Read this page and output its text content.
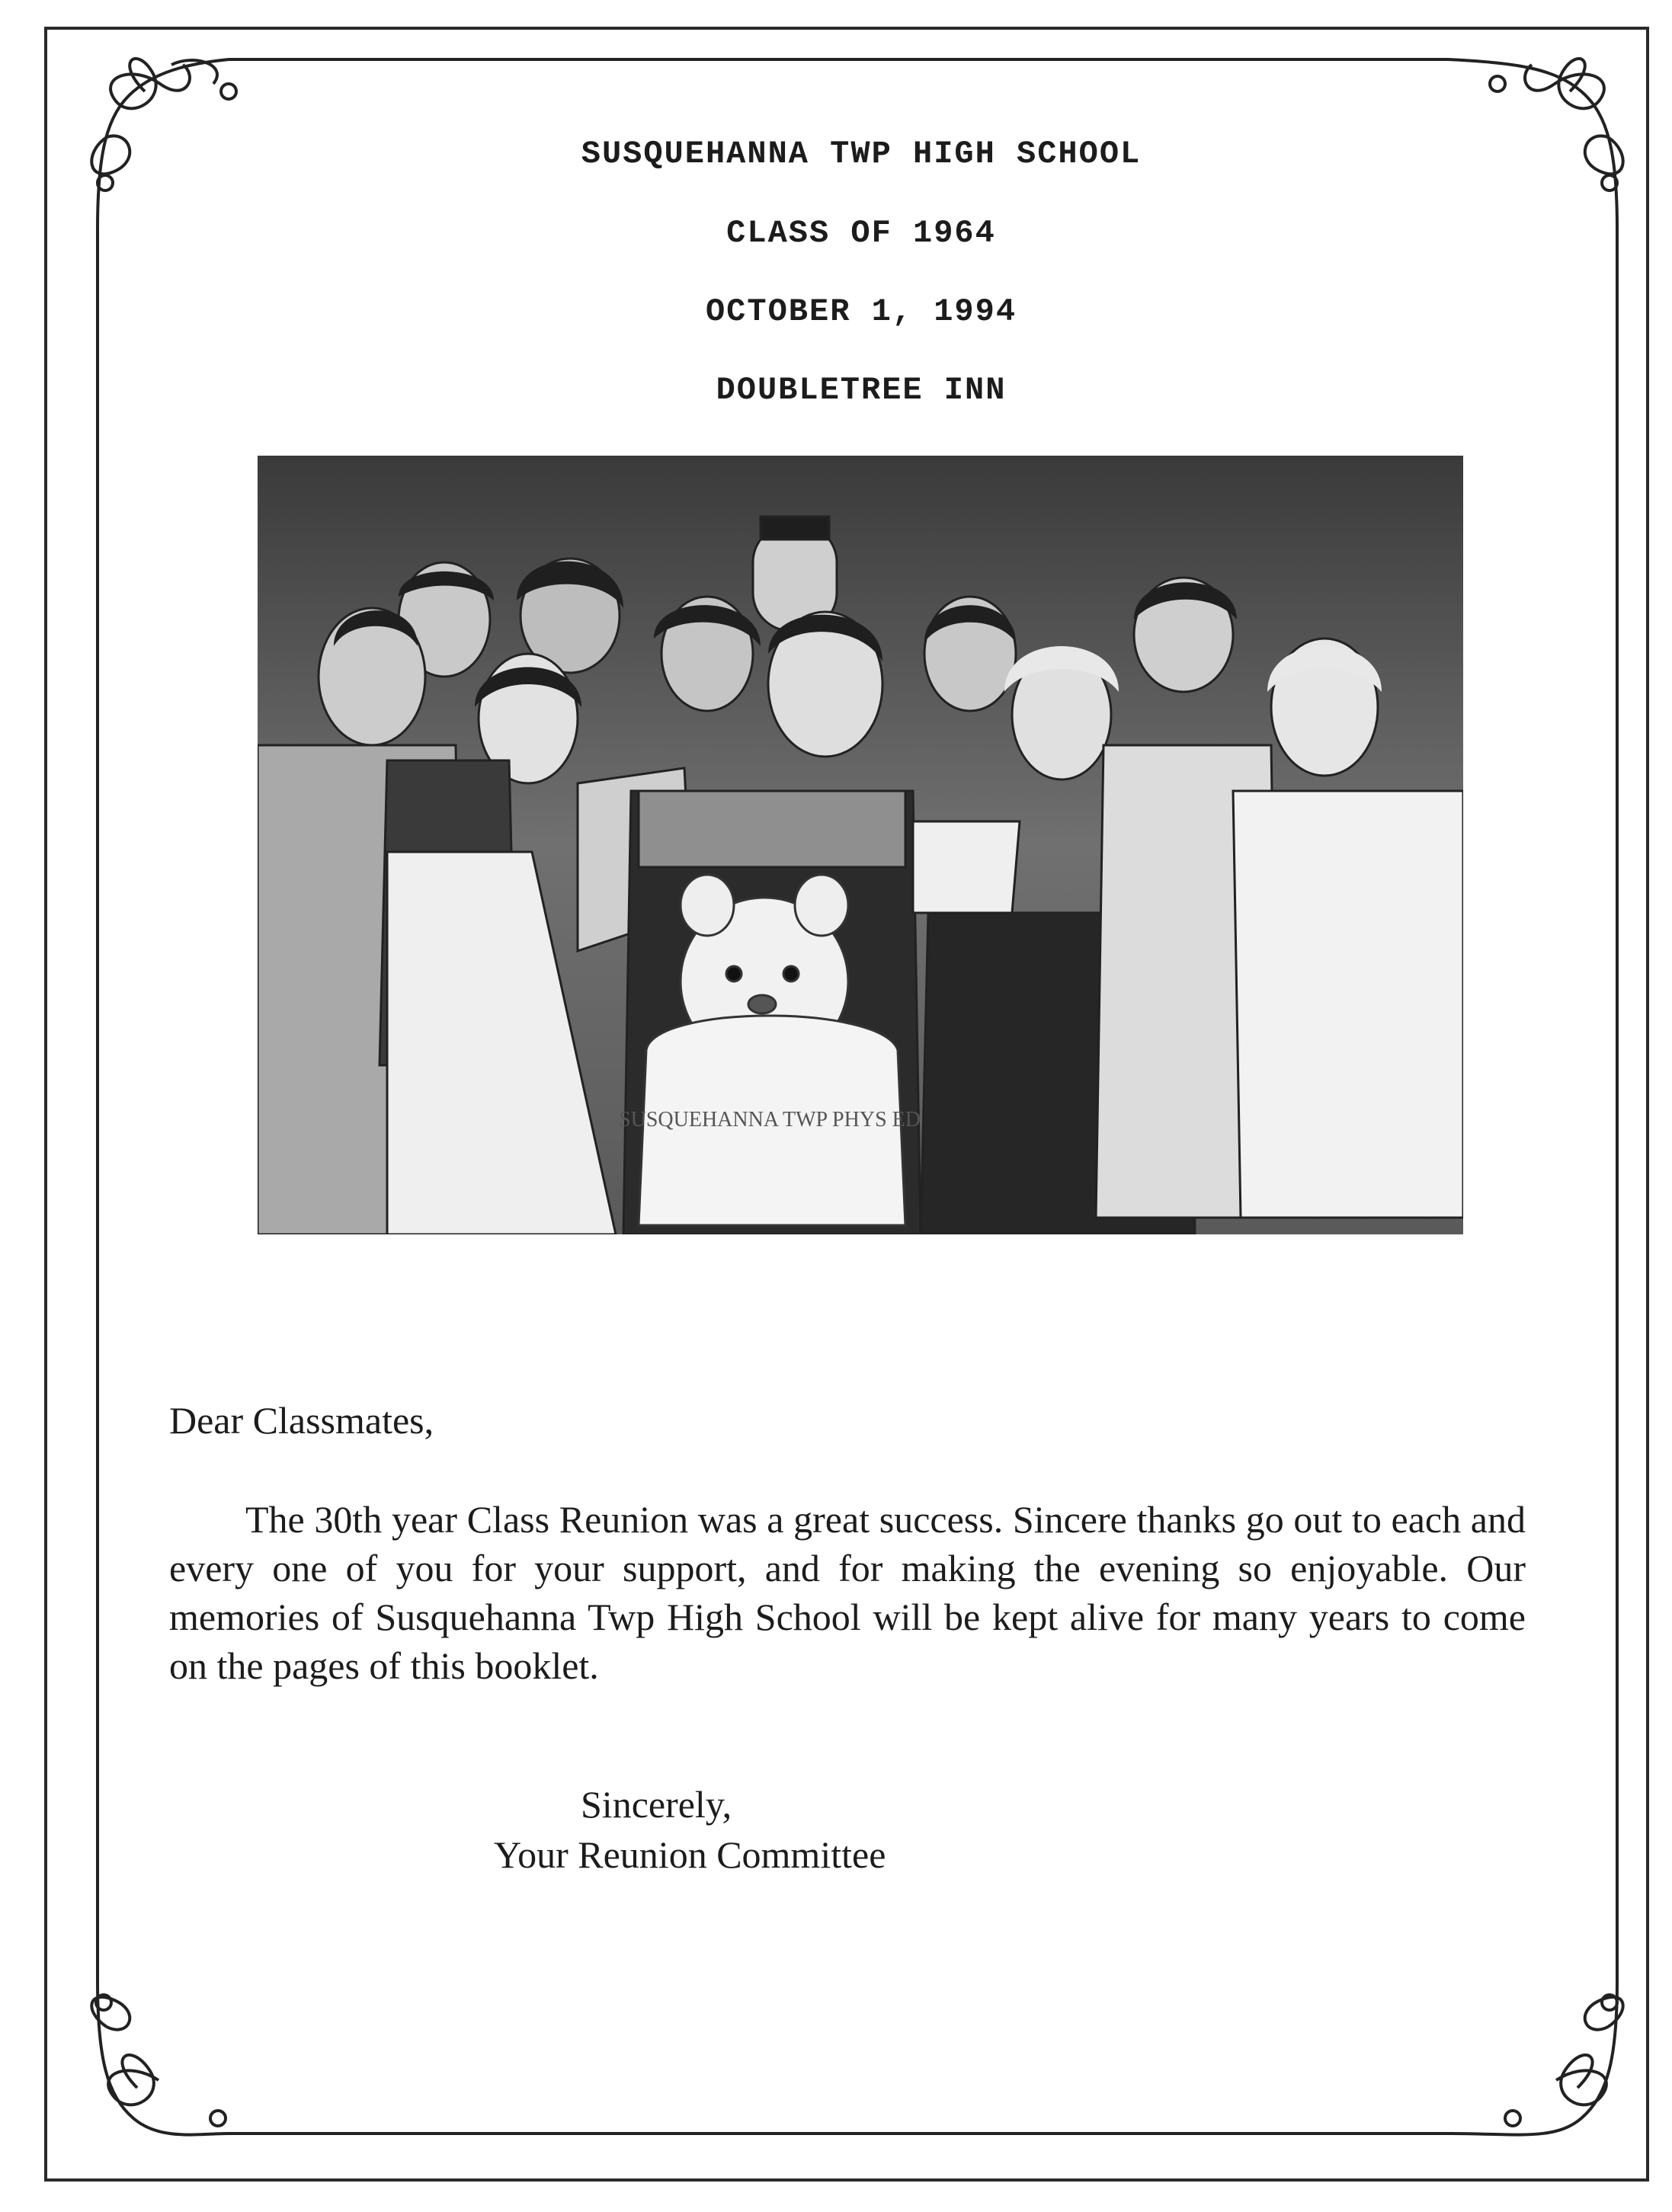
SUSQUEHANNA TWP HIGH SCHOOL
CLASS OF 1964
OCTOBER 1, 1994
DOUBLETREE INN
SUSQUEHANNA TWP PHYS ED
Dear Classmates,
The 30th year Class Reunion was a great success. Sincere thanks go out to each and every one of you for your support, and for making the evening so enjoyable. Our memories of Susquehanna Twp High School will be kept alive for many years to come on the pages of this booklet.
Sincerely,
Your Reunion Committee
